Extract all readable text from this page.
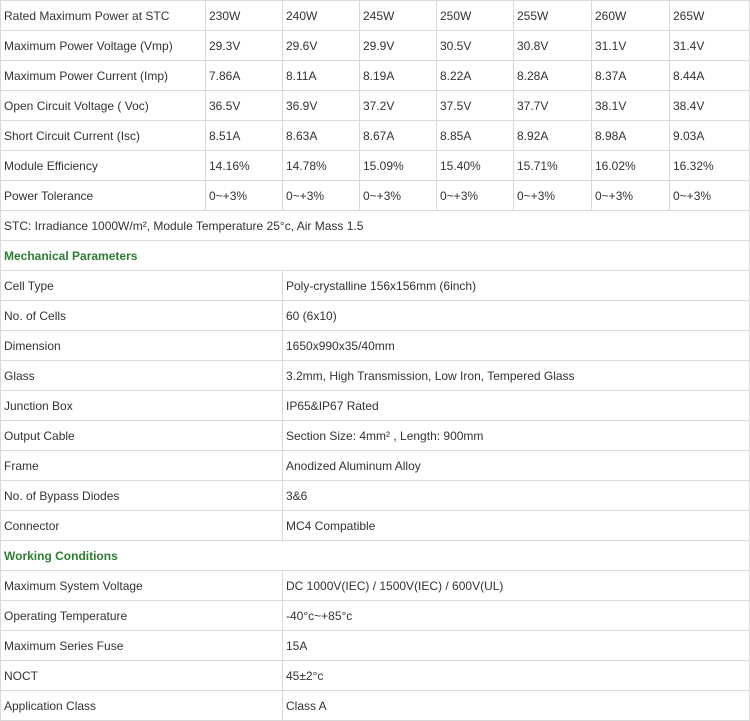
Rated Maximum Power at STC	230W	240W	245W	250W	255W	260W	265W
Maximum Power Voltage (Vmp)	29.3V	29.6V	29.9V	30.5V	30.8V	31.1V	31.4V
Maximum Power Current (Imp)	7.86A	8.11A	8.19A	8.22A	8.28A	8.37A	8.44A
Open Circuit Voltage ( Voc)	36.5V	36.9V	37.2V	37.5V	37.7V	38.1V	38.4V
Short Circuit Current (Isc)	8.51A	8.63A	8.67A	8.85A	8.92A	8.98A	9.03A
Module Efficiency	14.16%	14.78%	15.09%	15.40%	15.71%	16.02%	16.32%
Power Tolerance	0~+3%	0~+3%	0~+3%	0~+3%	0~+3%	0~+3%	0~+3%
STC: Irradiance 1000W/m², Module Temperature 25°c, Air Mass 1.5							
Mechanical Parameters							
Cell Type		Poly-crystalline 156x156mm (6inch)					
No. of Cells		60 (6x10)					
Dimension		1650x990x35/40mm					
Glass		3.2mm, High Transmission, Low Iron, Tempered Glass					
Junction Box		IP65&IP67 Rated					
Output Cable		Section Size: 4mm² , Length: 900mm					
Frame		Anodized Aluminum Alloy					
No. of Bypass Diodes		3&6					
Connector		MC4 Compatible					
Working Conditions							
Maximum System Voltage		DC 1000V(IEC) / 1500V(IEC) / 600V(UL)					
Operating Temperature		-40°c~+85°c					
Maximum Series Fuse		15A					
NOCT		45±2°c					
Application Class		Class A					
